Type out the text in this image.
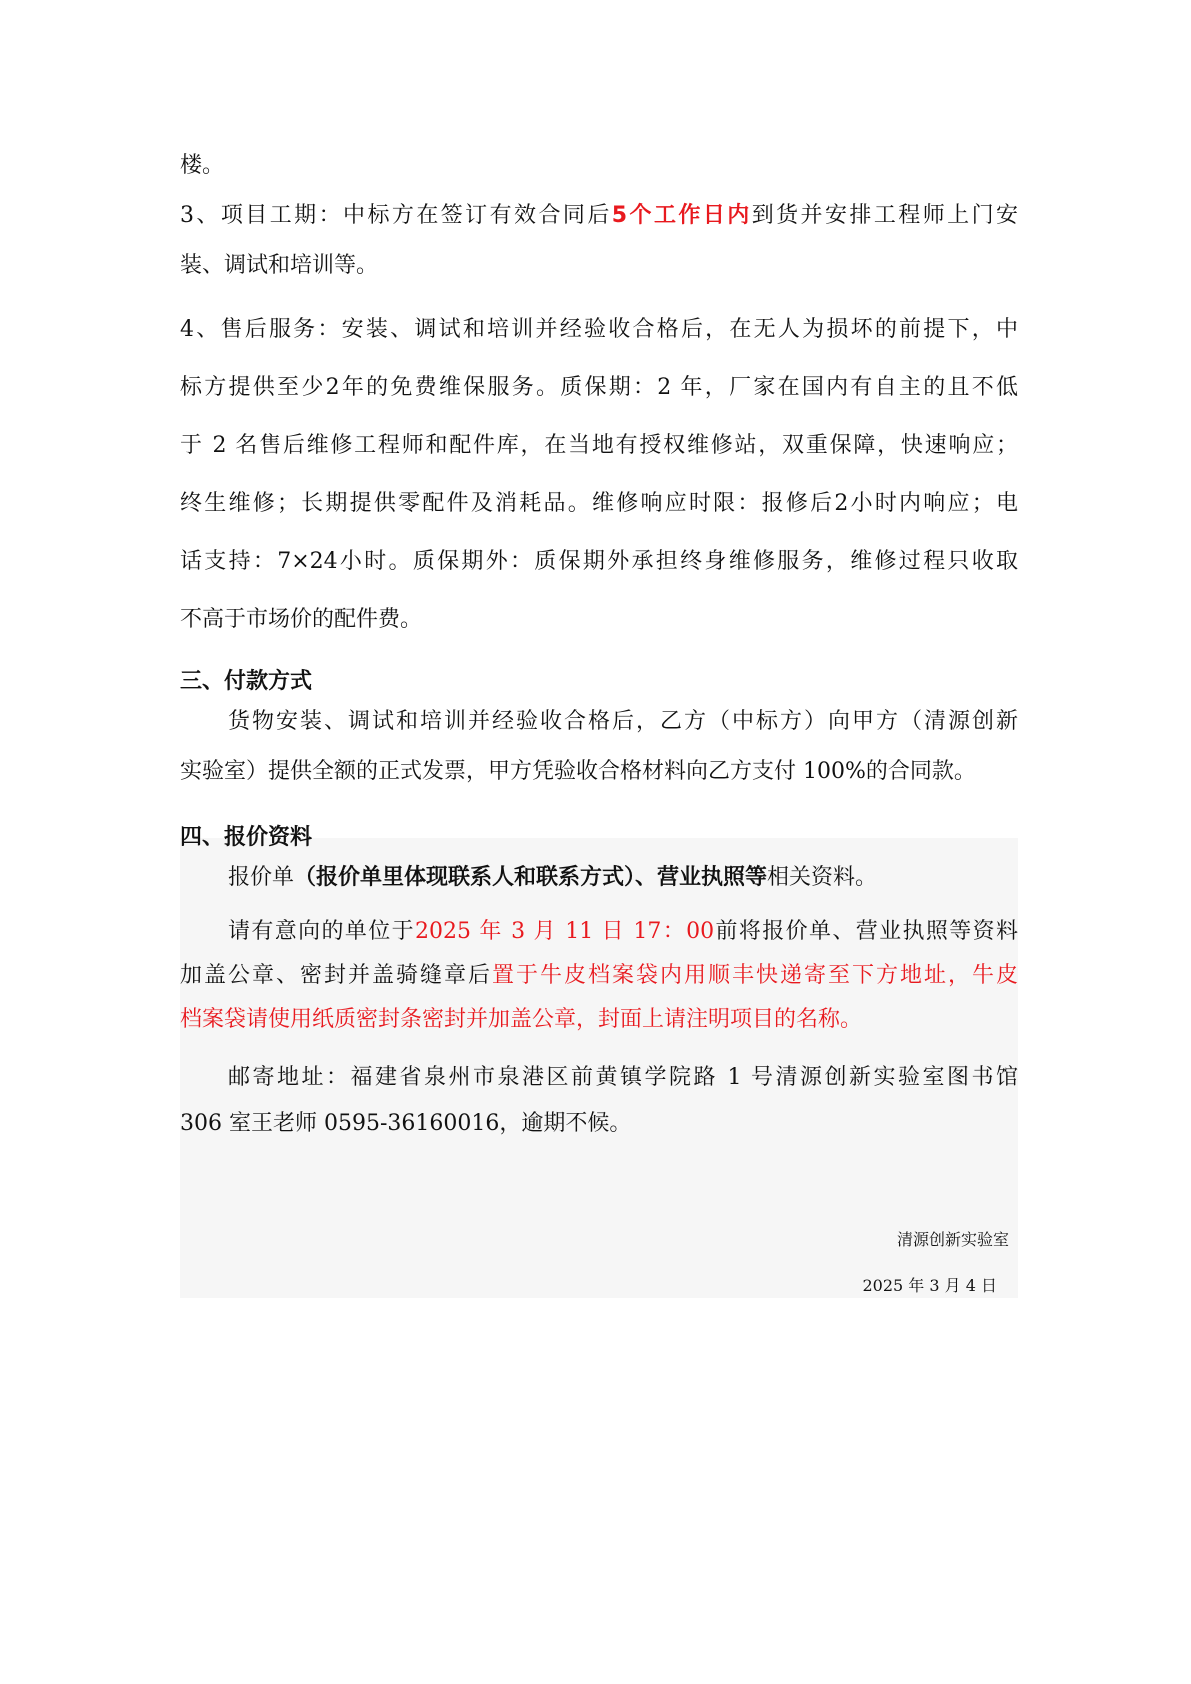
楼。
3、项目工期：中标方在签订有效合同后5个工作日内到货并安排工程师上门安
装、调试和培训等。
4、售后服务：安装、调试和培训并经验收合格后，在无人为损坏的前提下，中
标方提供至少2年的免费维保服务。质保期：2 年，厂家在国内有自主的且不低
于 2 名售后维修工程师和配件库，在当地有授权维修站，双重保障，快速响应；
终生维修；长期提供零配件及消耗品。维修响应时限：报修后2小时内响应；电
话支持：7×24小时。质保期外：质保期外承担终身维修服务，维修过程只收取
不高于市场价的配件费。
三、付款方式
货物安装、调试和培训并经验收合格后，乙方（中标方）向甲方（清源创新
实验室）提供全额的正式发票，甲方凭验收合格材料向乙方支付 100%的合同款。
四、报价资料
报价单（报价单里体现联系人和联系方式）、营业执照等相关资料。
请有意向的单位于2025 年 3 月 11 日 17：00前将报价单、营业执照等资料
加盖公章、密封并盖骑缝章后置于牛皮档案袋内用顺丰快递寄至下方地址，牛皮
档案袋请使用纸质密封条密封并加盖公章，封面上请注明项目的名称。
邮寄地址：福建省泉州市泉港区前黄镇学院路 1 号清源创新实验室图书馆
306 室王老师 0595-36160016，逾期不候。
清源创新实验室
2025 年 3 月 4 日
